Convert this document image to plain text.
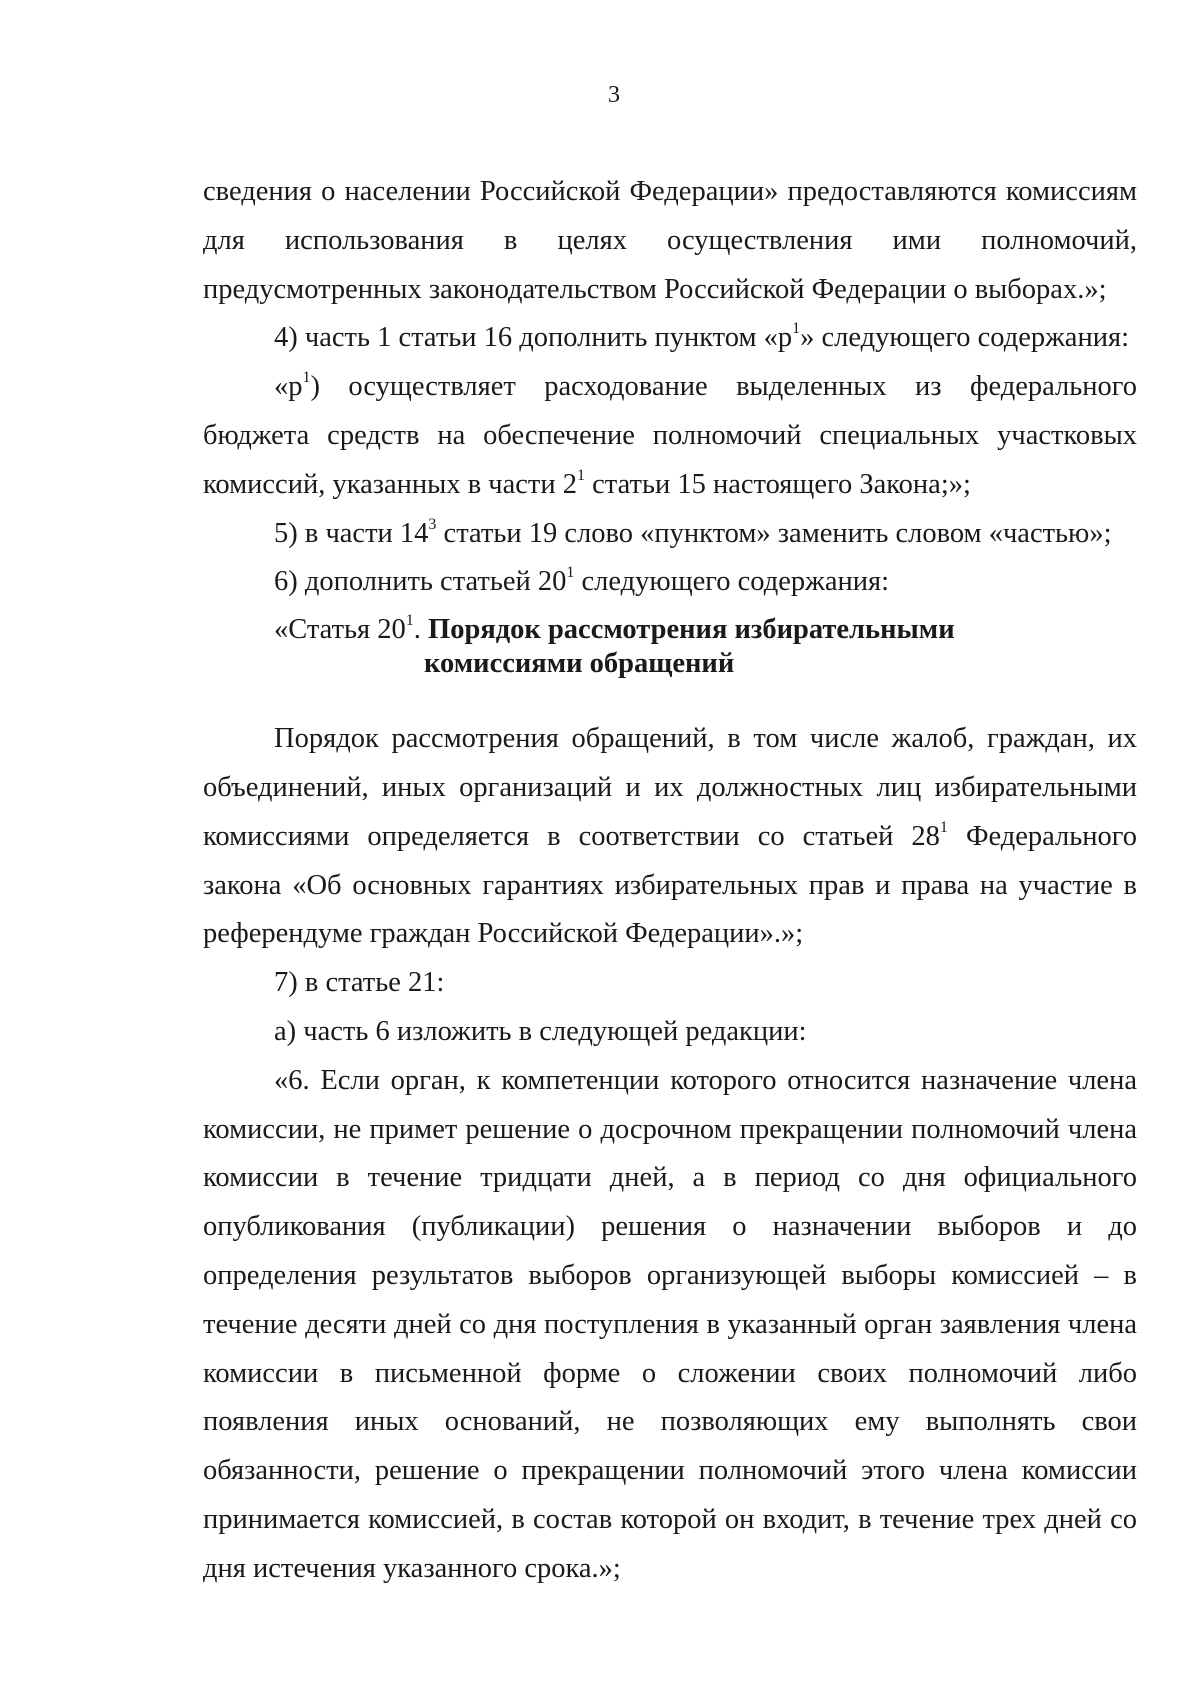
3

сведения о населении Российской Федерации» предоставляются комиссиям для использования в целях осуществления ими полномочий, предусмотренных законодательством Российской Федерации о выборах.»;

4) часть 1 статьи 16 дополнить пунктом «$р^1$» следующего содержания:

«$р^1$) осуществляет расходование выделенных из федерального бюджета средств на обеспечение полномочий специальных участковых комиссий, указанных в части $2^1$ статьи 15 настоящего Закона;»;

5) в части $14^3$ статьи 19 слово «пунктом» заменить словом «частью»;

6) дополнить статьей $20^1$ следующего содержания:

«Статья $20^1$. Порядок рассмотрения избирательными
комиссиями обращений

Порядок рассмотрения обращений, в том числе жалоб, граждан, их объединений, иных организаций и их должностных лиц избирательными комиссиями определяется в соответствии со статьей $28^1$ Федерального закона «Об основных гарантиях избирательных прав и права на участие в референдуме граждан Российской Федерации».»;

7) в статье 21:

а) часть 6 изложить в следующей редакции:

«6. Если орган, к компетенции которого относится назначение члена комиссии, не примет решение о досрочном прекращении полномочий члена комиссии в течение тридцати дней, а в период со дня официального опубликования (публикации) решения о назначении выборов и до определения результатов выборов организующей выборы комиссией – в течение десяти дней со дня поступления в указанный орган заявления члена комиссии в письменной форме о сложении своих полномочий либо появления иных оснований, не позволяющих ему выполнять свои обязанности, решение о прекращении полномочий этого члена комиссии принимается комиссией, в состав которой он входит, в течение трех дней со дня истечения указанного срока.»;
